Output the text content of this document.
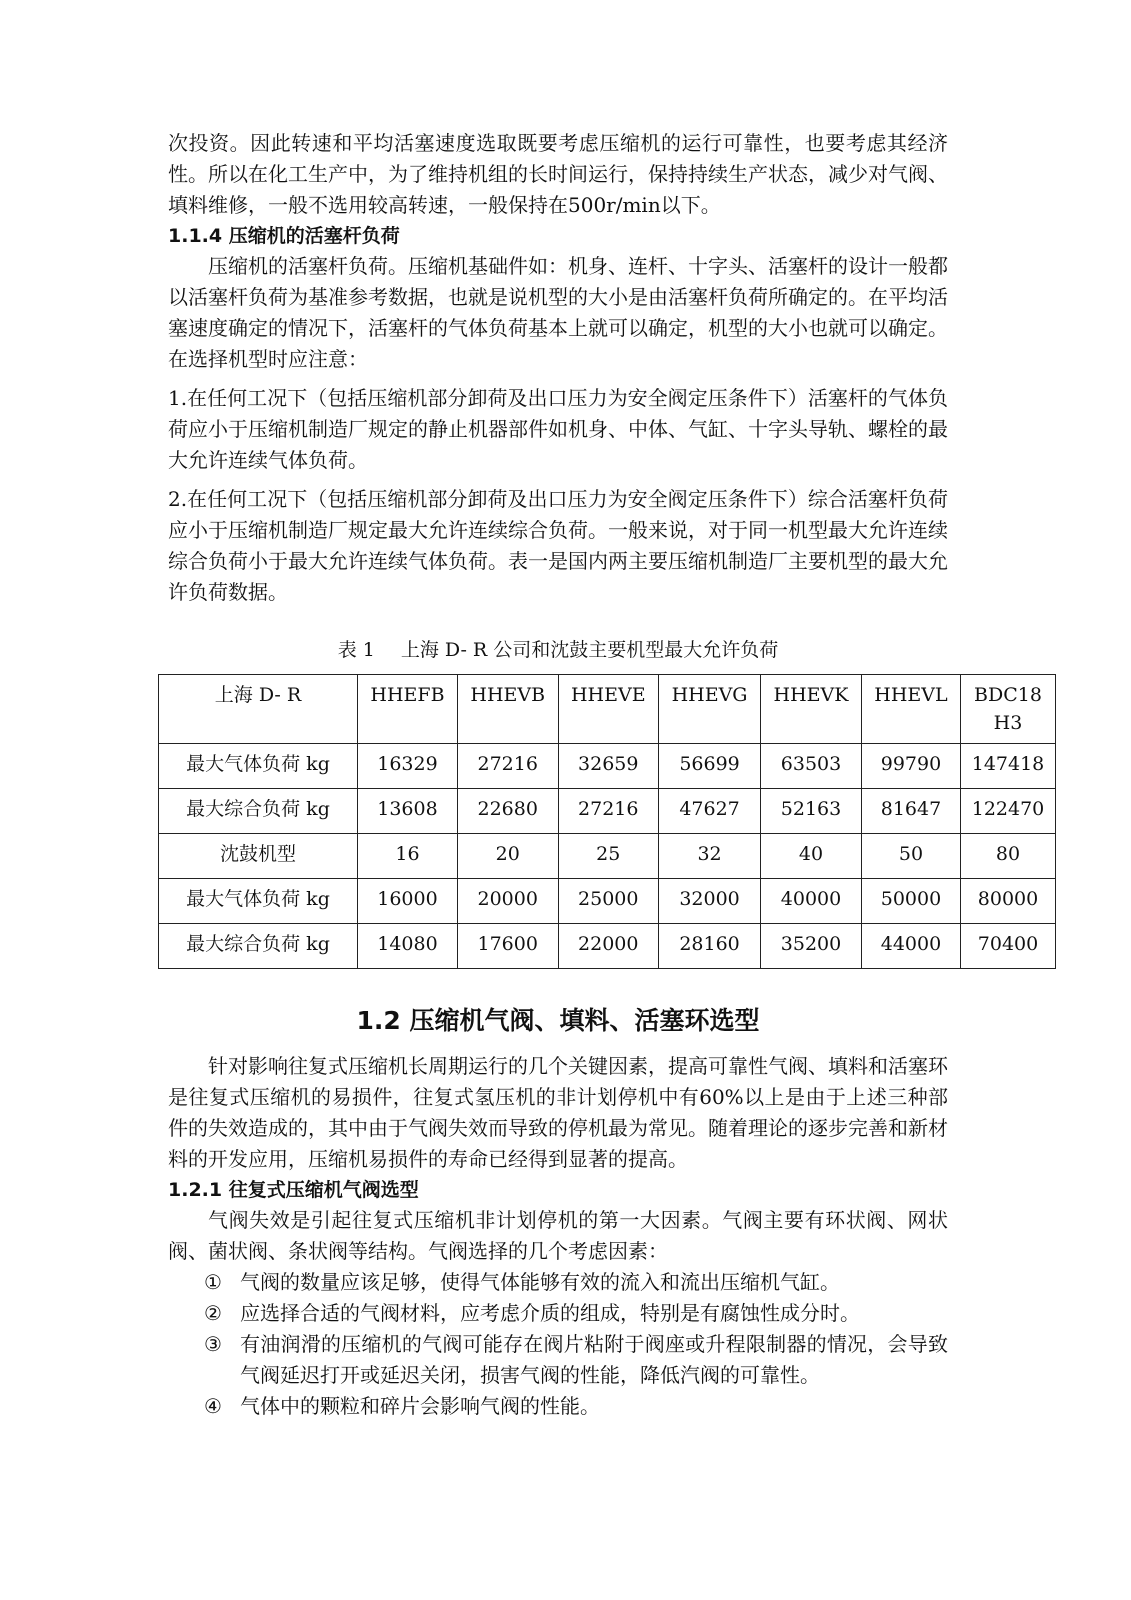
次投资。因此转速和平均活塞速度选取既要考虑压缩机的运行可靠性，也要考虑其经济性。所以在化工生产中，为了维持机组的长时间运行，保持持续生产状态，减少对气阀、填料维修，一般不选用较高转速，一般保持在500r/min以下。

1.1.4 压缩机的活塞杆负荷

压缩机的活塞杆负荷。压缩机基础件如：机身、连杆、十字头、活塞杆的设计一般都以活塞杆负荷为基准参考数据，也就是说机型的大小是由活塞杆负荷所确定的。在平均活塞速度确定的情况下，活塞杆的气体负荷基本上就可以确定，机型的大小也就可以确定。在选择机型时应注意：

1.在任何工况下（包括压缩机部分卸荷及出口压力为安全阀定压条件下）活塞杆的气体负荷应小于压缩机制造厂规定的静止机器部件如机身、中体、气缸、十字头导轨、螺栓的最大允许连续气体负荷。

2.在任何工况下（包括压缩机部分卸荷及出口压力为安全阀定压条件下）综合活塞杆负荷应小于压缩机制造厂规定最大允许连续综合负荷。一般来说，对于同一机型最大允许连续综合负荷小于最大允许连续气体负荷。表一是国内两主要压缩机制造厂主要机型的最大允许负荷数据。

表 1 上海 D- R 公司和沈鼓主要机型最大允许负荷
上海 D- R	HHEFB	HHEVB	HHEVE	HHEVG	HHEVK	HHEVL	BDC18 H3
最大气体负荷 kg	16329	27216	32659	56699	63503	99790	147418
最大综合负荷 kg	13608	22680	27216	47627	52163	81647	122470
沈鼓机型	16	20	25	32	40	50	80
最大气体负荷 kg	16000	20000	25000	32000	40000	50000	80000
最大综合负荷 kg	14080	17600	22000	28160	35200	44000	70400
1.2 压缩机气阀、填料、活塞环选型

针对影响往复式压缩机长周期运行的几个关键因素，提高可靠性气阀、填料和活塞环是往复式压缩机的易损件，往复式氢压机的非计划停机中有60%以上是由于上述三种部件的失效造成的，其中由于气阀失效而导致的停机最为常见。随着理论的逐步完善和新材料的开发应用，压缩机易损件的寿命已经得到显著的提高。

1.2.1 往复式压缩机气阀选型

气阀失效是引起往复式压缩机非计划停机的第一大因素。气阀主要有环状阀、网状阀、菌状阀、条状阀等结构。气阀选择的几个考虑因素：

① 气阀的数量应该足够，使得气体能够有效的流入和流出压缩机气缸。
② 应选择合适的气阀材料，应考虑介质的组成，特别是有腐蚀性成分时。
③ 有油润滑的压缩机的气阀可能存在阀片粘附于阀座或升程限制器的情况，会导致气阀延迟打开或延迟关闭，损害气阀的性能，降低汽阀的可靠性。
④ 气体中的颗粒和碎片会影响气阀的性能。
